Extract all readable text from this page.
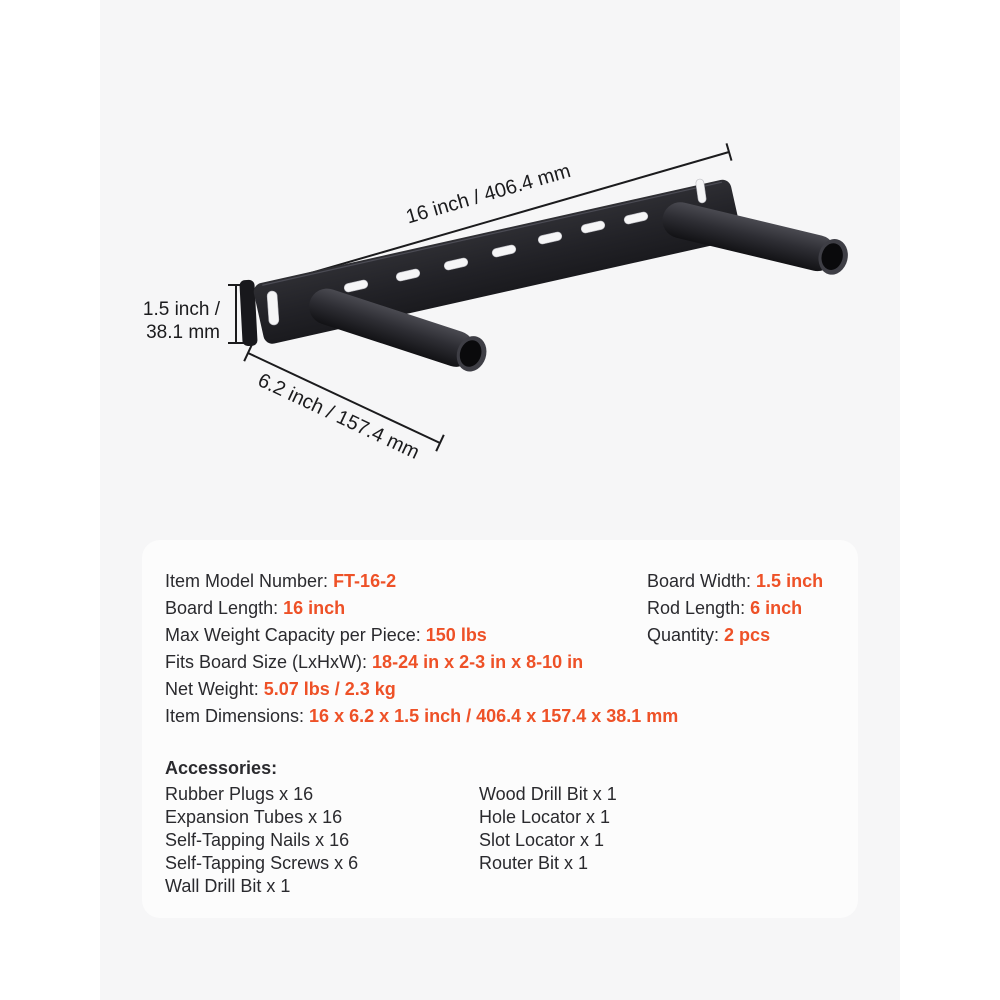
16 inch / 406.4 mm
1.5 inch /
38.1 mm
6.2 inch / 157.4 mm
Item Model Number: FT-16-2
Board Length: 16 inch
Max Weight Capacity per Piece: 150 lbs
Fits Board Size (LxHxW): 18-24 in x 2-3 in x 8-10 in
Net Weight: 5.07 lbs / 2.3 kg
Item Dimensions: 16 x 6.2 x 1.5 inch / 406.4 x 157.4 x 38.1 mm
Board Width: 1.5 inch
Rod Length: 6 inch
Quantity: 2 pcs
Accessories:
Rubber Plugs x 16
Expansion Tubes x 16
Self-Tapping Nails x 16
Self-Tapping Screws x 6
Wall Drill Bit x 1
Wood Drill Bit x 1
Hole Locator x 1
Slot Locator x 1
Router Bit x 1
